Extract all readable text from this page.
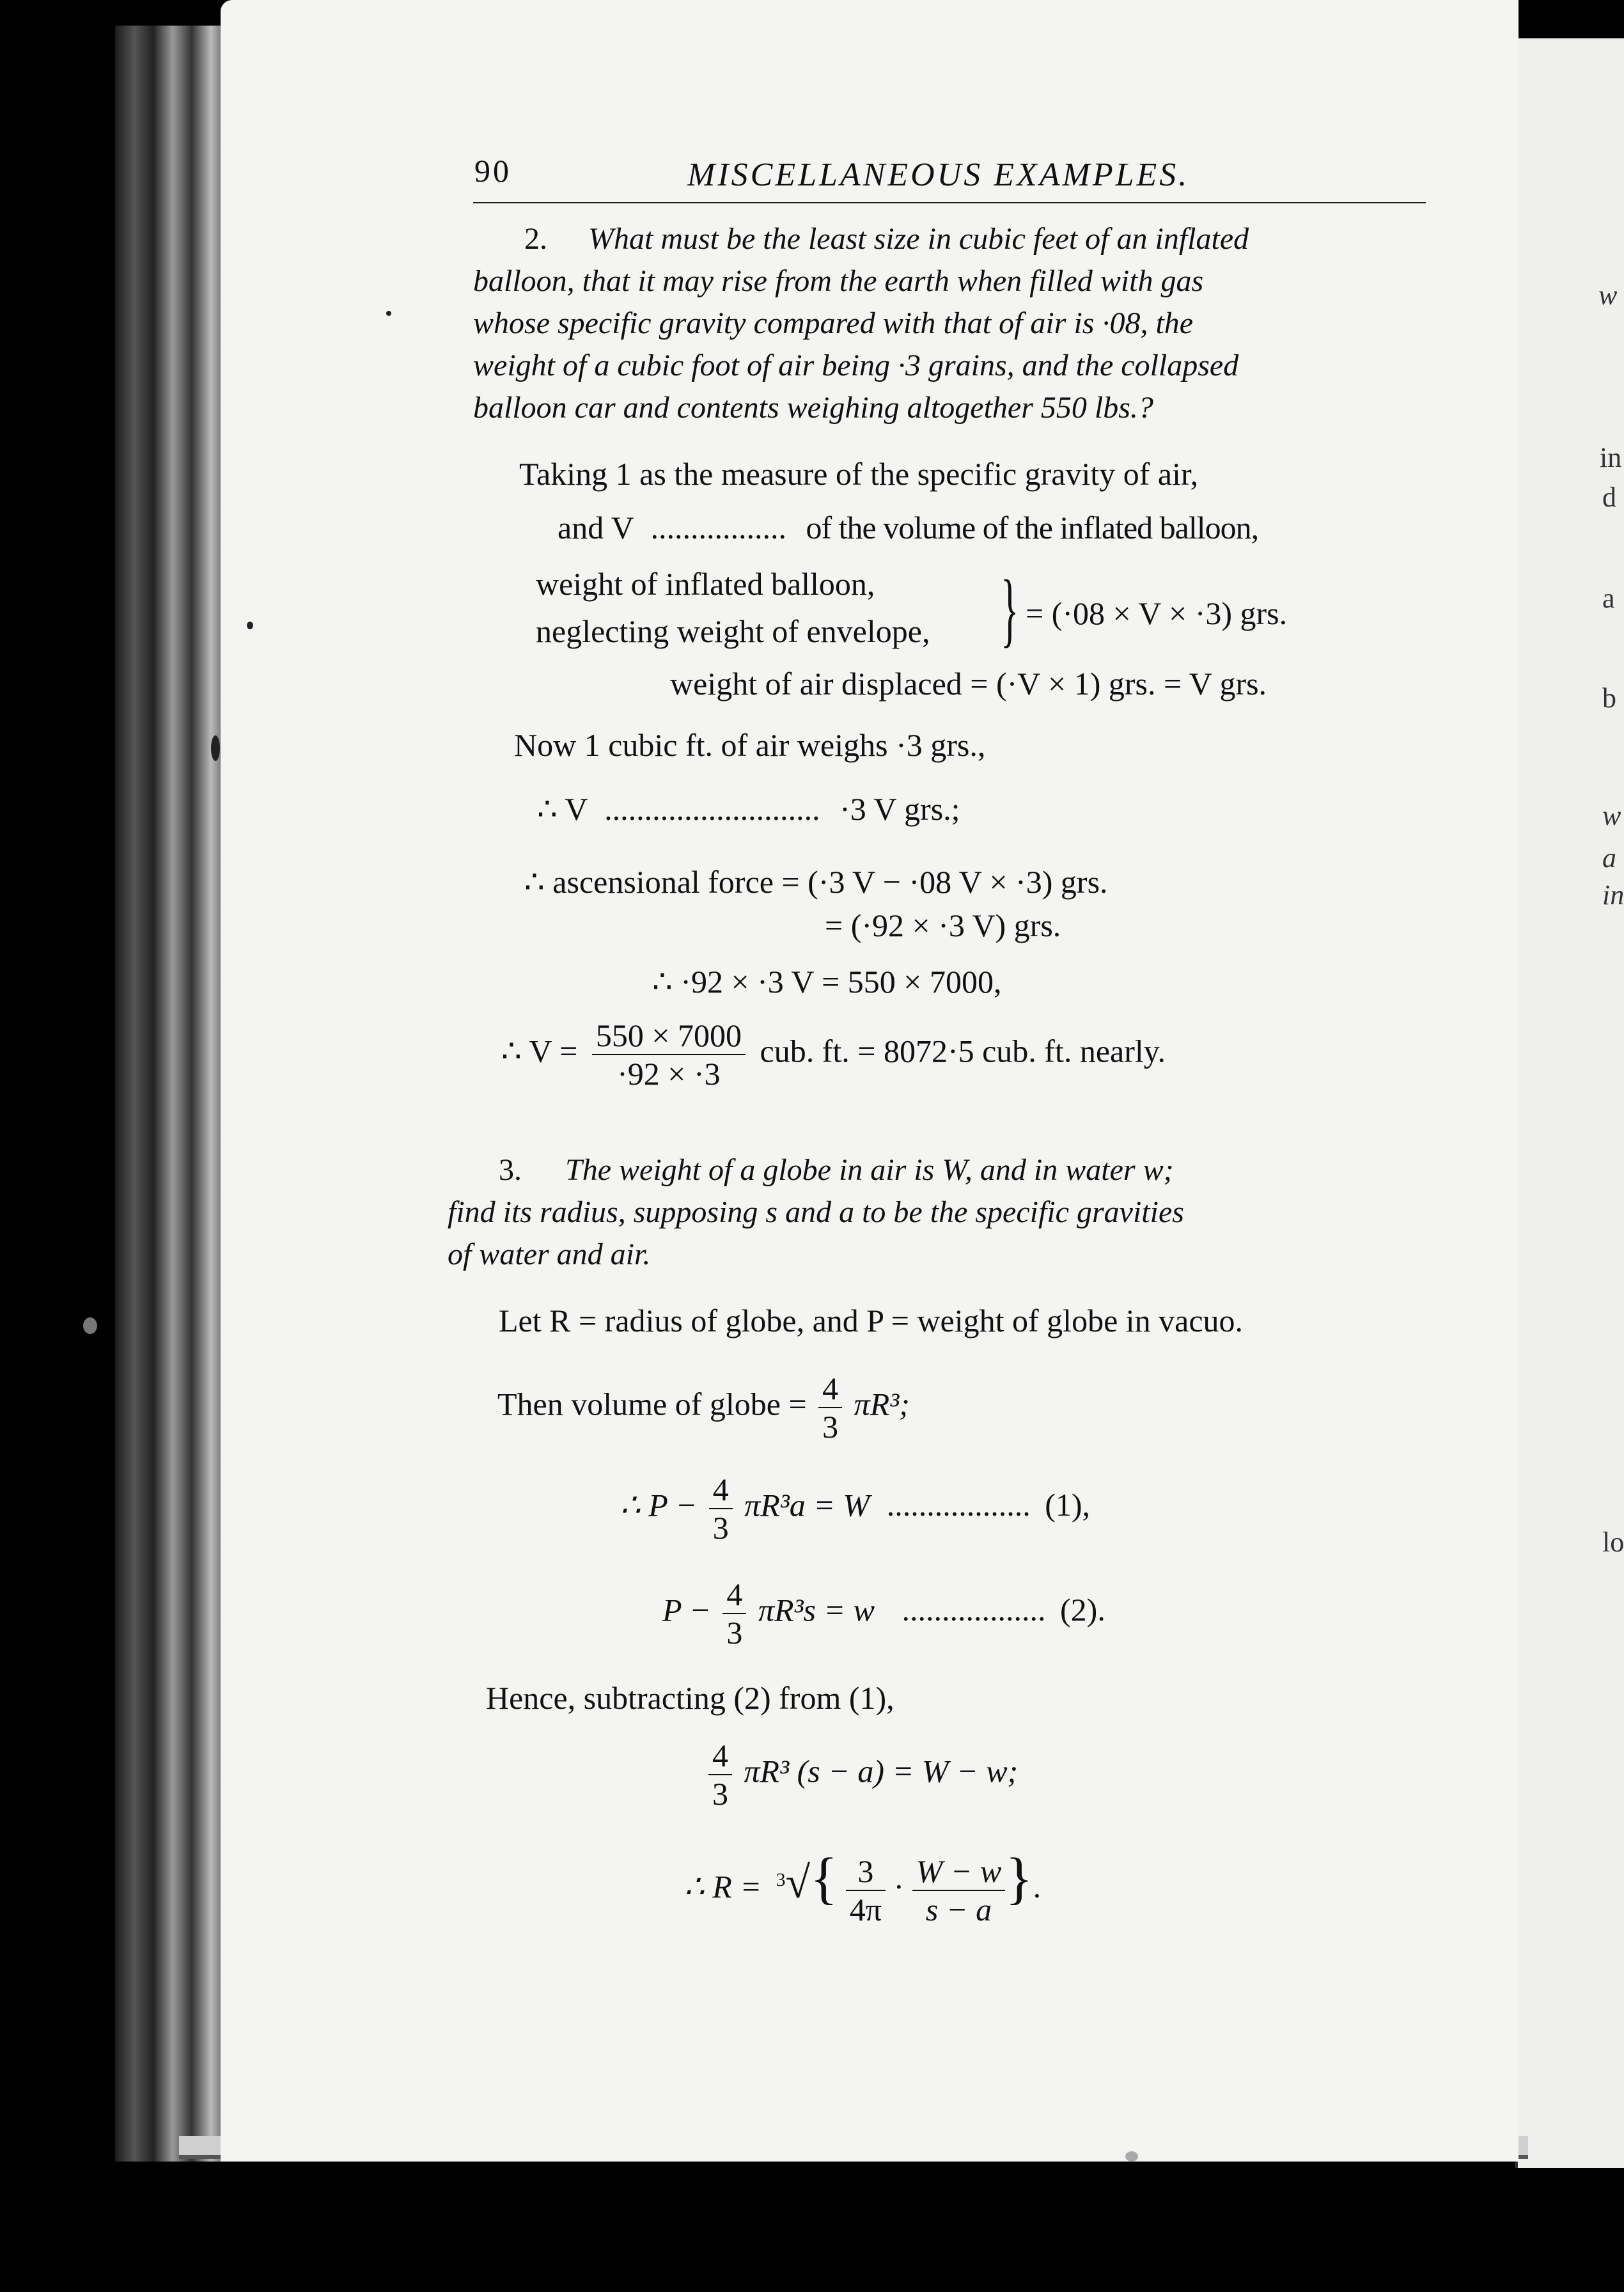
90	MISCELLANEOUS EXAMPLES.
2. What must be the least size in cubic feet of an inflated
balloon, that it may rise from the earth when filled with gas
whose specific gravity compared with that of air is ·08, the
weight of a cubic foot of air being ·3 grains, and the collapsed
balloon car and contents weighing altogether 550 lbs.?
Taking 1 as the measure of the specific gravity of air,
and V ................. of the volume of the inflated balloon,
weight of inflated balloon,
neglecting weight of envelope, } = (·08 × V × ·3) grs.
weight of air displaced = (·V × 1) grs. = V grs.
Now 1 cubic ft. of air weighs ·3 grs.,
∴ V ........................... ·3 V grs.;
∴ ascensional force = (·3 V − ·08 V × ·3) grs.
= (·92 × ·3 V) grs.
∴ ·92 × ·3 V = 550 × 7000,
∴ $V = \frac{550 \times 7000}{\cdot 92 \times \cdot 3}$ cub. ft. = 8072·5 cub. ft. nearly.
3. The weight of a globe in air is W, and in water w;
find its radius, supposing s and a to be the specific gravities
of water and air.
Let R = radius of globe, and P = weight of globe in vacuo.
Then volume of globe = $\frac{4}{3} \pi R^3$;
∴ $P - \frac{4}{3} \pi R^3a = W$ .................. (1),
$P - \frac{4}{3} \pi R^3s = w$ .................. (2).
Hence, subtracting (2) from (1),
$\frac{4}{3} \pi R^3$ (s − a) = W − w;
∴ $R = ^3√\{ \frac{3}{4\pi} \cdot \frac{W - w}{s - a}$ }.
w
in
d
a
b
w
a
in
lo
